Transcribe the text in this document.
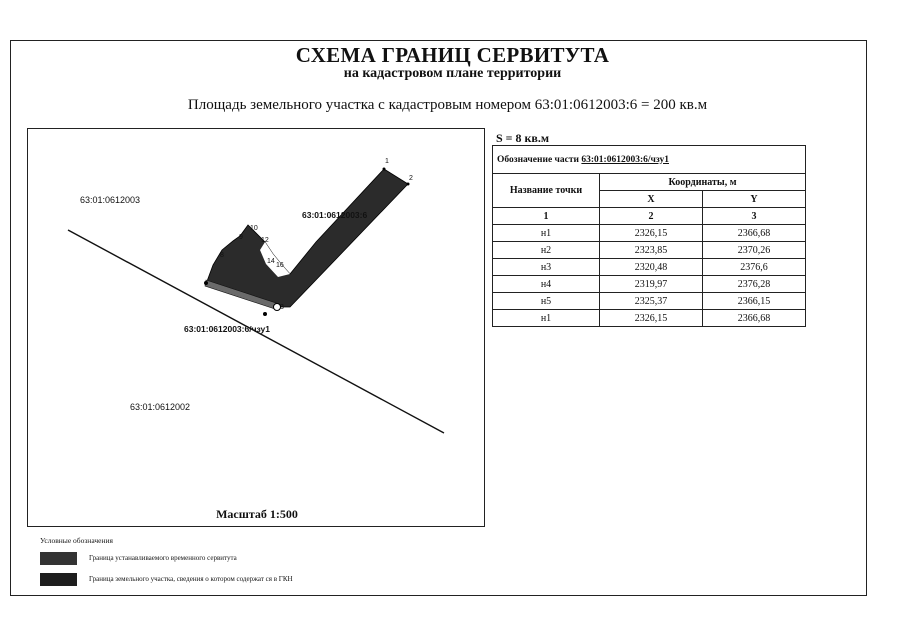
СХЕМА ГРАНИЦ СЕРВИТУТА
на кадастровом плане территории
Площадь земельного участка с кадастровым номером 63:01:0612003:6 = 200 кв.м
63:01:0612003
63:01:0612002
63:01:0612003:6
63:01:0612003:6/чзу1
1
2
10
9	12
14
16
8
3
Масштаб 1:500
S = 8 кв.м
Обозначение части 63:01:0612003:6/чзу1		
Название точки	Координаты, м	
	X	Y
1	2	3
н1	2326,15	2366,68
н2	2323,85	2370,26
н3	2320,48	2376,6
н4	2319,97	2376,28
н5	2325,37	2366,15
н1	2326,15	2366,68
Условные обозначения
Граница устанавливаемого временного сервитута
Граница земельного участка, сведения о котором содержат ся в ГКН
